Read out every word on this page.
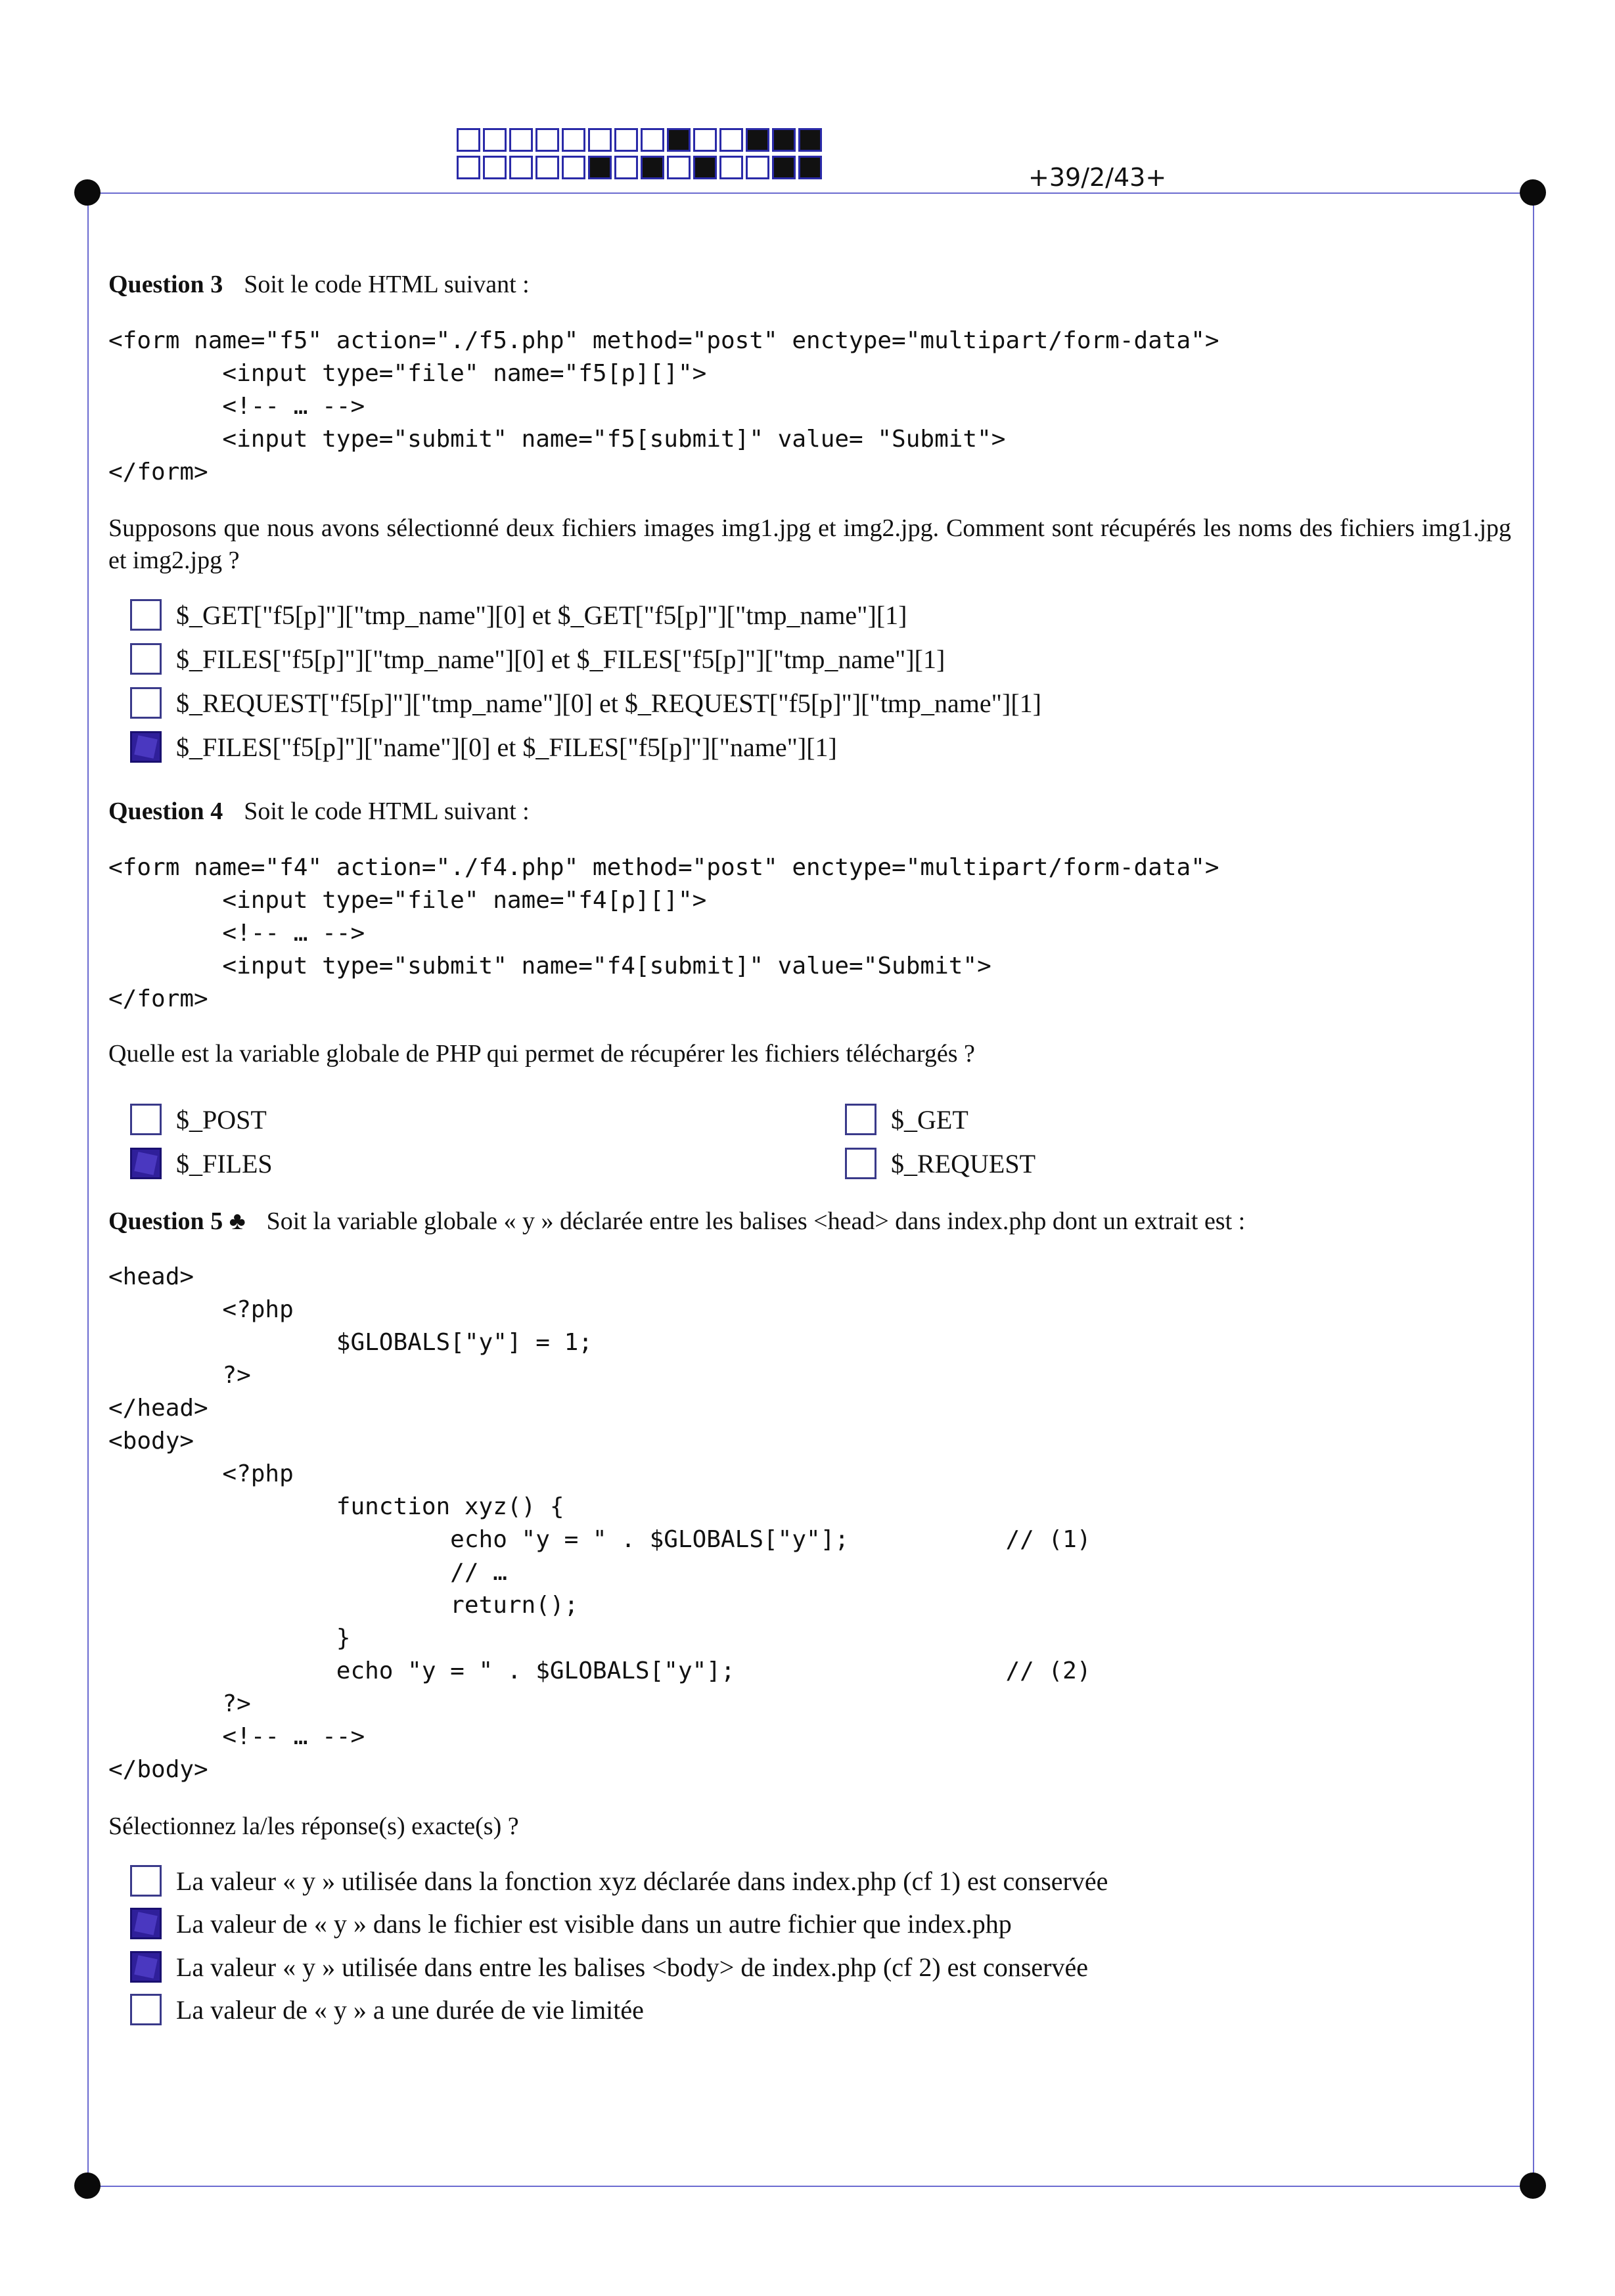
+39/2/43+
Question 3 Soit le code HTML suivant :
<form name="f5" action="./f5.php" method="post" enctype="multipart/form-data">
<input type="file" name="f5[p][]">
<!-- … -->
<input type="submit" name="f5[submit]" value= "Submit">
</form>
Supposons que nous avons sélectionné deux fichiers images img1.jpg et img2.jpg. Comment sont récupérés les noms des fichiers img1.jpg et img2.jpg ?
$_GET["f5[p]"]["tmp_name"][0] et $_GET["f5[p]"]["tmp_name"][1]
$_FILES["f5[p]"]["tmp_name"][0] et $_FILES["f5[p]"]["tmp_name"][1]
$_REQUEST["f5[p]"]["tmp_name"][0] et $_REQUEST["f5[p]"]["tmp_name"][1]
$_FILES["f5[p]"]["name"][0] et $_FILES["f5[p]"]["name"][1]
Question 4 Soit le code HTML suivant :
<form name="f4" action="./f4.php" method="post" enctype="multipart/form-data">
<input type="file" name="f4[p][]">
<!-- … -->
<input type="submit" name="f4[submit]" value="Submit">
</form>
Quelle est la variable globale de PHP qui permet de récupérer les fichiers téléchargés ?
$_POST	$_GET
$_FILES	$_REQUEST
Question 5 ♣ Soit la variable globale « y » déclarée entre les balises <head> dans index.php dont un extrait est :
<head>
<?php
$GLOBALS["y"] = 1;
?>
</head>
<body>
<?php
function xyz() {
echo "y = " . $GLOBALS["y"];           // (1)
// …
return();
}
echo "y = " . $GLOBALS["y"];                   // (2)
?>
<!-- … -->
</body>
Sélectionnez la/les réponse(s) exacte(s) ?
La valeur « y » utilisée dans la fonction xyz déclarée dans index.php (cf 1) est conservée
La valeur de « y » dans le fichier est visible dans un autre fichier que index.php
La valeur « y » utilisée dans entre les balises <body> de index.php (cf 2) est conservée
La valeur de « y » a une durée de vie limitée
